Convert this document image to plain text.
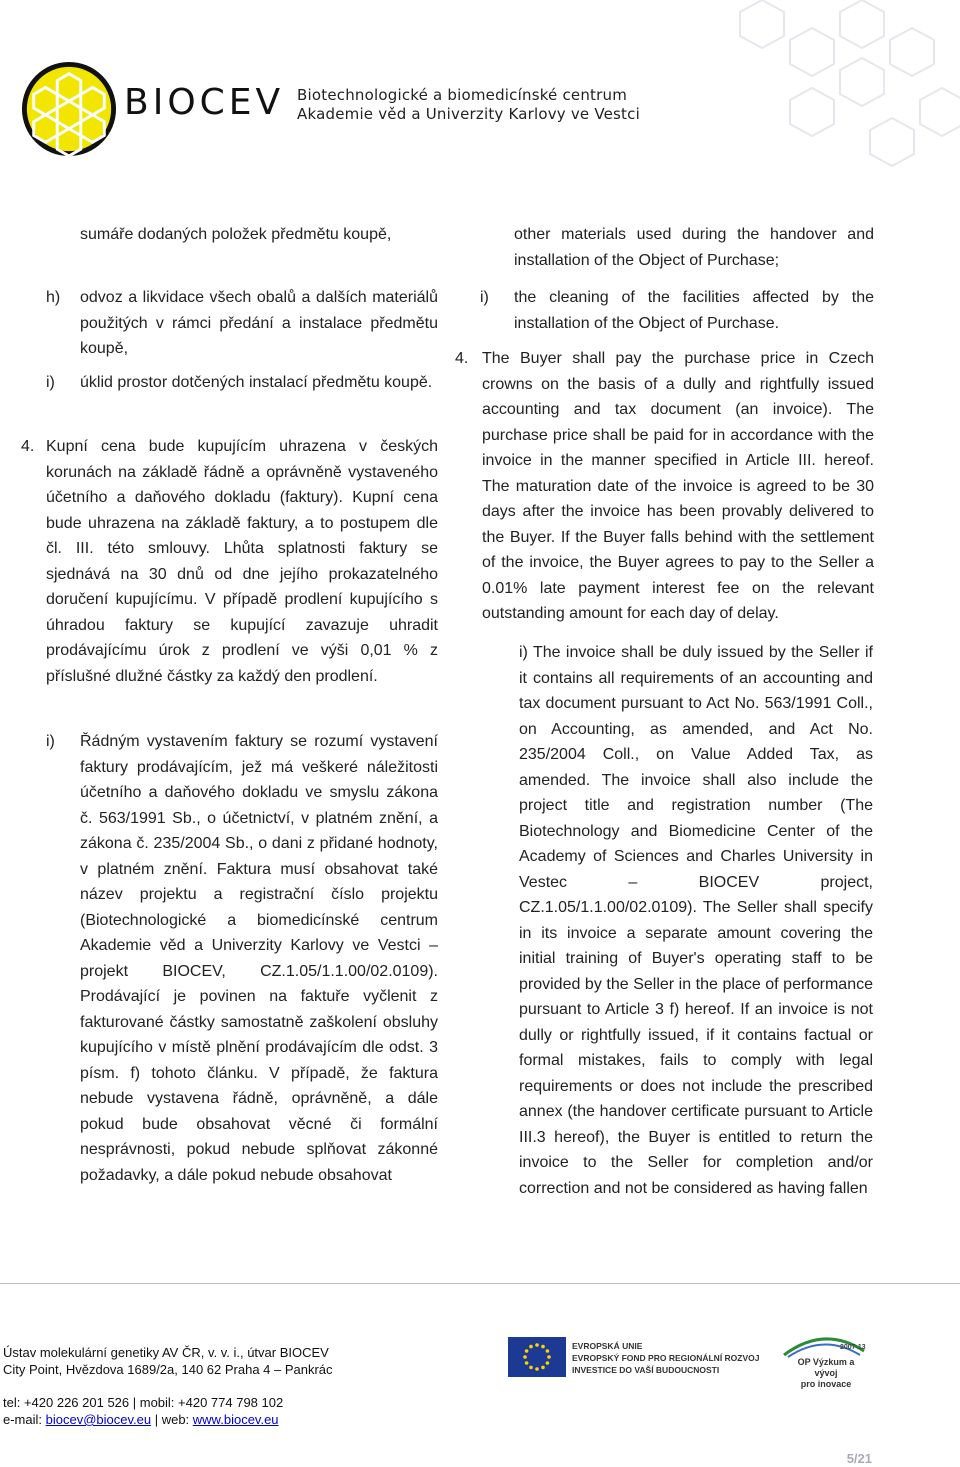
BIOCEV Biotechnologické a biomedicínské centrum
Akademie věd a Univerzity Karlovy ve Vestci
sumáře dodaných položek předmětu koupě,
h)	odvoz a likvidace všech obalů a dalších materiálů použitých v rámci předání a instalace předmětu koupě,
i)	úklid prostor dotčených instalací předmětu koupě.
4. Kupní cena bude kupujícím uhrazena v českých
korunách na základě řádně a oprávněně vystaveného účetního a daňového dokladu (faktury). Kupní cena bude uhrazena na základě faktury, a to postupem dle čl. III. této smlouvy. Lhůta splatnosti faktury se sjednává na 30 dnů od dne jejího prokazatelného doručení kupujícímu. V případě prodlení kupujícího s úhradou faktury se kupující zavazuje uhradit prodávajícímu úrok z prodlení ve výši 0,01 % z příslušné dlužné částky za každý den prodlení.
i)	Řádným vystavením faktury se rozumí vystavení faktury prodávajícím, jež má veškeré náležitosti účetního a daňového dokladu ve smyslu zákona č. 563/1991 Sb., o účetnictví, v platném znění, a zákona č. 235/2004 Sb., o dani z přidané hodnoty, v platném znění. Faktura musí obsahovat také název projektu a registrační číslo projektu (Biotechnologické a biomedicínské centrum Akademie věd a Univerzity Karlovy ve Vestci – projekt BIOCEV, CZ.1.05/1.1.00/02.0109). Prodávající je povinen na faktuře vyčlenit z fakturované částky samostatně zaškolení obsluhy kupujícího v místě plnění prodávajícím dle odst. 3 písm. f) tohoto článku. V případě, že faktura nebude vystavena řádně, oprávněně, a dále pokud bude obsahovat věcné či formální nesprávnosti, pokud nebude splňovat zákonné požadavky, a dále pokud nebude obsahovat
other materials used during the handover and installation of the Object of Purchase;
i)	the cleaning of the facilities affected by the installation of the Object of Purchase.
4. The Buyer shall pay the purchase price in Czech crowns on the basis of a dully and rightfully issued accounting and tax document (an invoice). The purchase price shall be paid for in accordance with the invoice in the manner specified in Article III. hereof. The maturation date of the invoice is agreed to be 30 days after the invoice has been provably delivered to the Buyer. If the Buyer falls behind with the settlement of the invoice, the Buyer agrees to pay to the Seller a 0.01% late payment interest fee on the relevant outstanding amount for each day of delay.
i) The invoice shall be duly issued by the Seller if it contains all requirements of an accounting and tax document pursuant to Act No. 563/1991 Coll., on Accounting, as amended, and Act No. 235/2004 Coll., on Value Added Tax, as amended. The invoice shall also include the project title and registration number (The Biotechnology and Biomedicine Center of the Academy of Sciences and Charles University in Vestec – BIOCEV project, CZ.1.05/1.1.00/02.0109). The Seller shall specify in its invoice a separate amount covering the initial training of Buyer's operating staff to be provided by the Seller in the place of performance pursuant to Article 3 f) hereof. If an invoice is not dully or rightfully issued, if it contains factual or formal mistakes, fails to comply with legal requirements or does not include the prescribed annex (the handover certificate pursuant to Article III.3 hereof), the Buyer is entitled to return the invoice to the Seller for completion and/or correction and not be considered as having fallen
Ústav molekulární genetiky AV ČR, v. v. i., útvar BIOCEV
City Point, Hvězdova 1689/2a, 140 62 Praha 4 – Pankrác
tel: +420 226 201 526 | mobil: +420 774 798 102
e-mail: biocev@biocev.eu | web: www.biocev.eu
EVROPSKÁ UNIE
EVROPSKÝ FOND PRO REGIONÁLNÍ ROZVOJ
INVESTICE DO VAŠÍ BUDOUCNOSTI
2007-13
OP Výzkum a vývoj
pro inovace
5/21
